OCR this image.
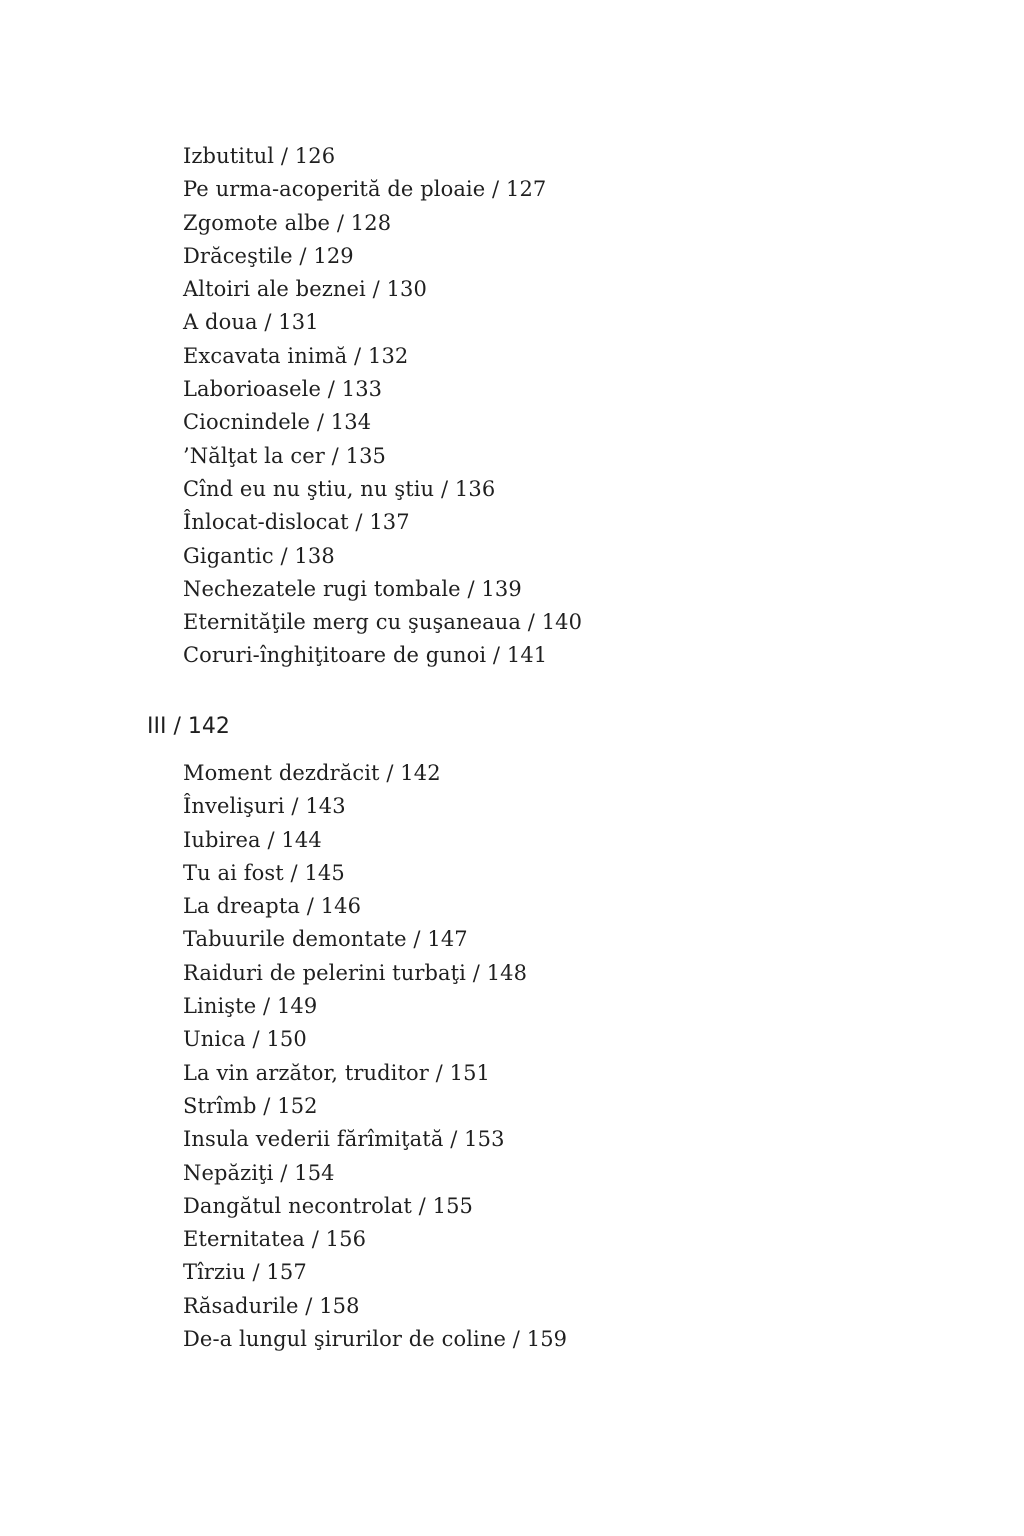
Izbutitul / 126
Pe urma-acoperită de ploaie / 127
Zgomote albe / 128
Drăceştile / 129
Altoiri ale beznei / 130
A doua / 131
Excavata inimă / 132
Laborioasele / 133
Ciocnindele / 134
’Nălţat la cer / 135
Cînd eu nu ştiu, nu ştiu / 136
Înlocat-dislocat / 137
Gigantic / 138
Nechezatele rugi tombale / 139
Eternităţile merg cu şuşaneaua / 140
Coruri-înghiţitoare de gunoi / 141
III / 142
Moment dezdrăcit / 142
Învelişuri / 143
Iubirea / 144
Tu ai fost / 145
La dreapta / 146
Tabuurile demontate / 147
Raiduri de pelerini turbaţi / 148
Linişte / 149
Unica / 150
La vin arzător, truditor / 151
Strîmb / 152
Insula vederii fărîmiţată / 153
Nepăziţi / 154
Dangătul necontrolat / 155
Eternitatea / 156
Tîrziu / 157
Răsadurile / 158
De-a lungul şirurilor de coline / 159
